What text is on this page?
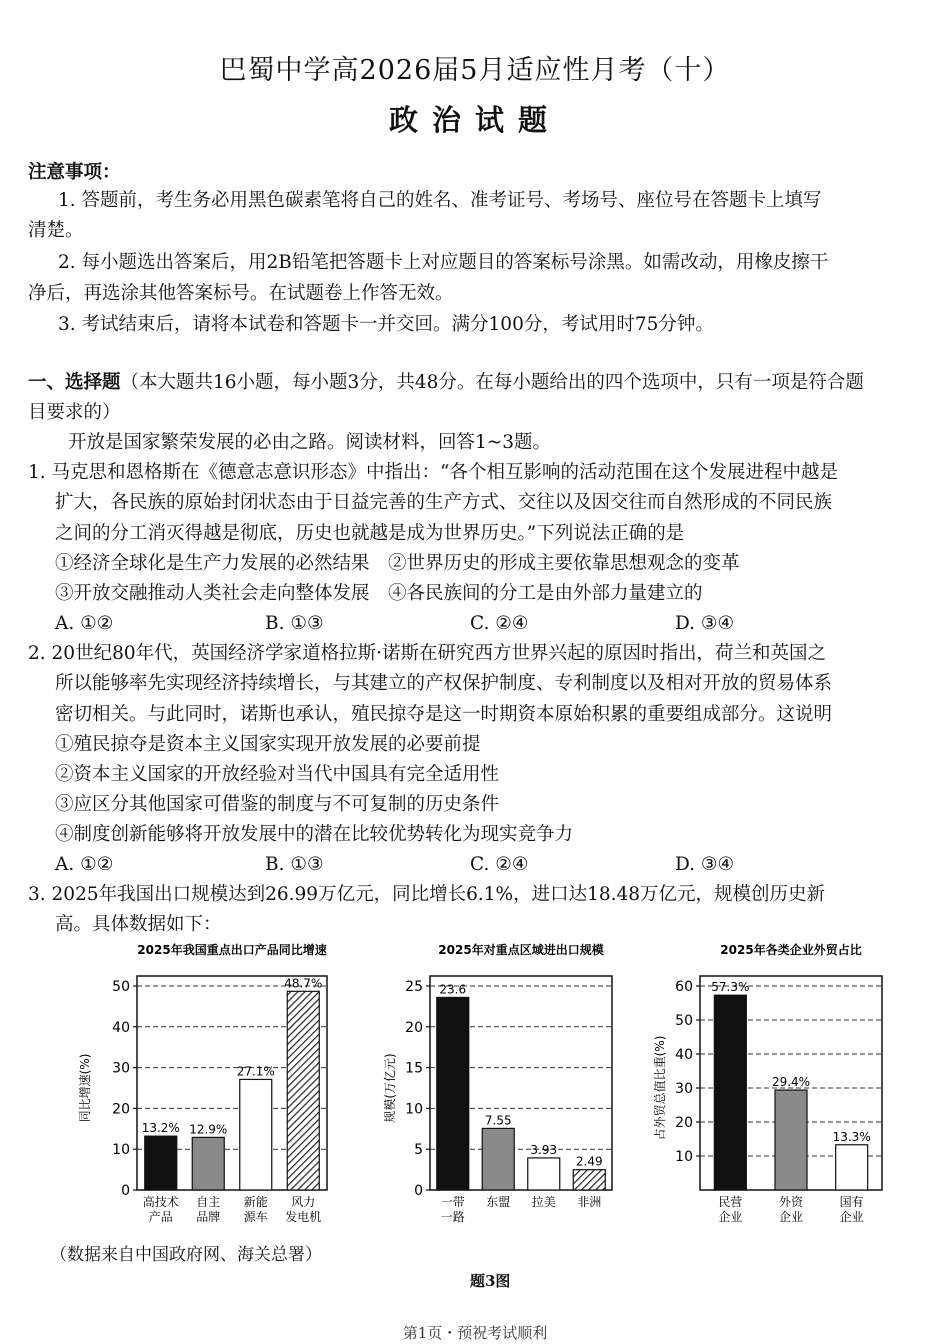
巴蜀中学高2026届5月适应性月考（十）
政治试题
注意事项：
1. 答题前，考生务必用黑色碳素笔将自己的姓名、准考证号、考场号、座位号在答题卡上填写
清楚。
2. 每小题选出答案后，用2B铅笔把答题卡上对应题目的答案标号涂黑。如需改动，用橡皮擦干
净后，再选涂其他答案标号。在试题卷上作答无效。
3. 考试结束后，请将本试卷和答题卡一并交回。满分100分，考试用时75分钟。
一、选择题（本大题共16小题，每小题3分，共48分。在每小题给出的四个选项中，只有一项是符合题
目要求的）
开放是国家繁荣发展的必由之路。阅读材料，回答1~3题。
1. 马克思和恩格斯在《德意志意识形态》中指出：“各个相互影响的活动范围在这个发展进程中越是
扩大，各民族的原始封闭状态由于日益完善的生产方式、交往以及因交往而自然形成的不同民族
之间的分工消灭得越是彻底，历史也就越是成为世界历史。”下列说法正确的是
①经济全球化是生产力发展的必然结果　②世界历史的形成主要依靠思想观念的变革
③开放交融推动人类社会走向整体发展　④各民族间的分工是由外部力量建立的
A. ①②	B. ①③	C. ②④	D. ③④
2. 20世纪80年代，英国经济学家道格拉斯·诺斯在研究西方世界兴起的原因时指出，荷兰和英国之
所以能够率先实现经济持续增长，与其建立的产权保护制度、专利制度以及相对开放的贸易体系
密切相关。与此同时，诺斯也承认，殖民掠夺是这一时期资本原始积累的重要组成部分。这说明
①殖民掠夺是资本主义国家实现开放发展的必要前提
②资本主义国家的开放经验对当代中国具有完全适用性
③应区分其他国家可借鉴的制度与不可复制的历史条件
④制度创新能够将开放发展中的潜在比较优势转化为现实竞争力
A. ①②	B. ①③	C. ②④	D. ③④
3. 2025年我国出口规模达到26.99万亿元，同比增长6.1%，进口达18.48万亿元，规模创历史新
高。具体数据如下：
2025年我国重点出口产品同比增速
0
10
20
30
40
50
同比增速(%)
13.2%
高技术
产品
12.9%
自主
品牌
27.1%
新能
源车
48.7%
风力
发电机
2025年对重点区域进出口规模
0
5
10
15
20
25
规模(万亿元)
23.6
一带
一路
7.55
东盟
3.93
拉美
2.49
非洲
2025年各类企业外贸占比
10
20
30
40
50
60
占外贸总值比重(%)
57.3%
民营
企业
29.4%
外资
企业
13.3%
国有
企业
（数据来自中国政府网、海关总署）
题3图
第1页・预祝考试顺利
